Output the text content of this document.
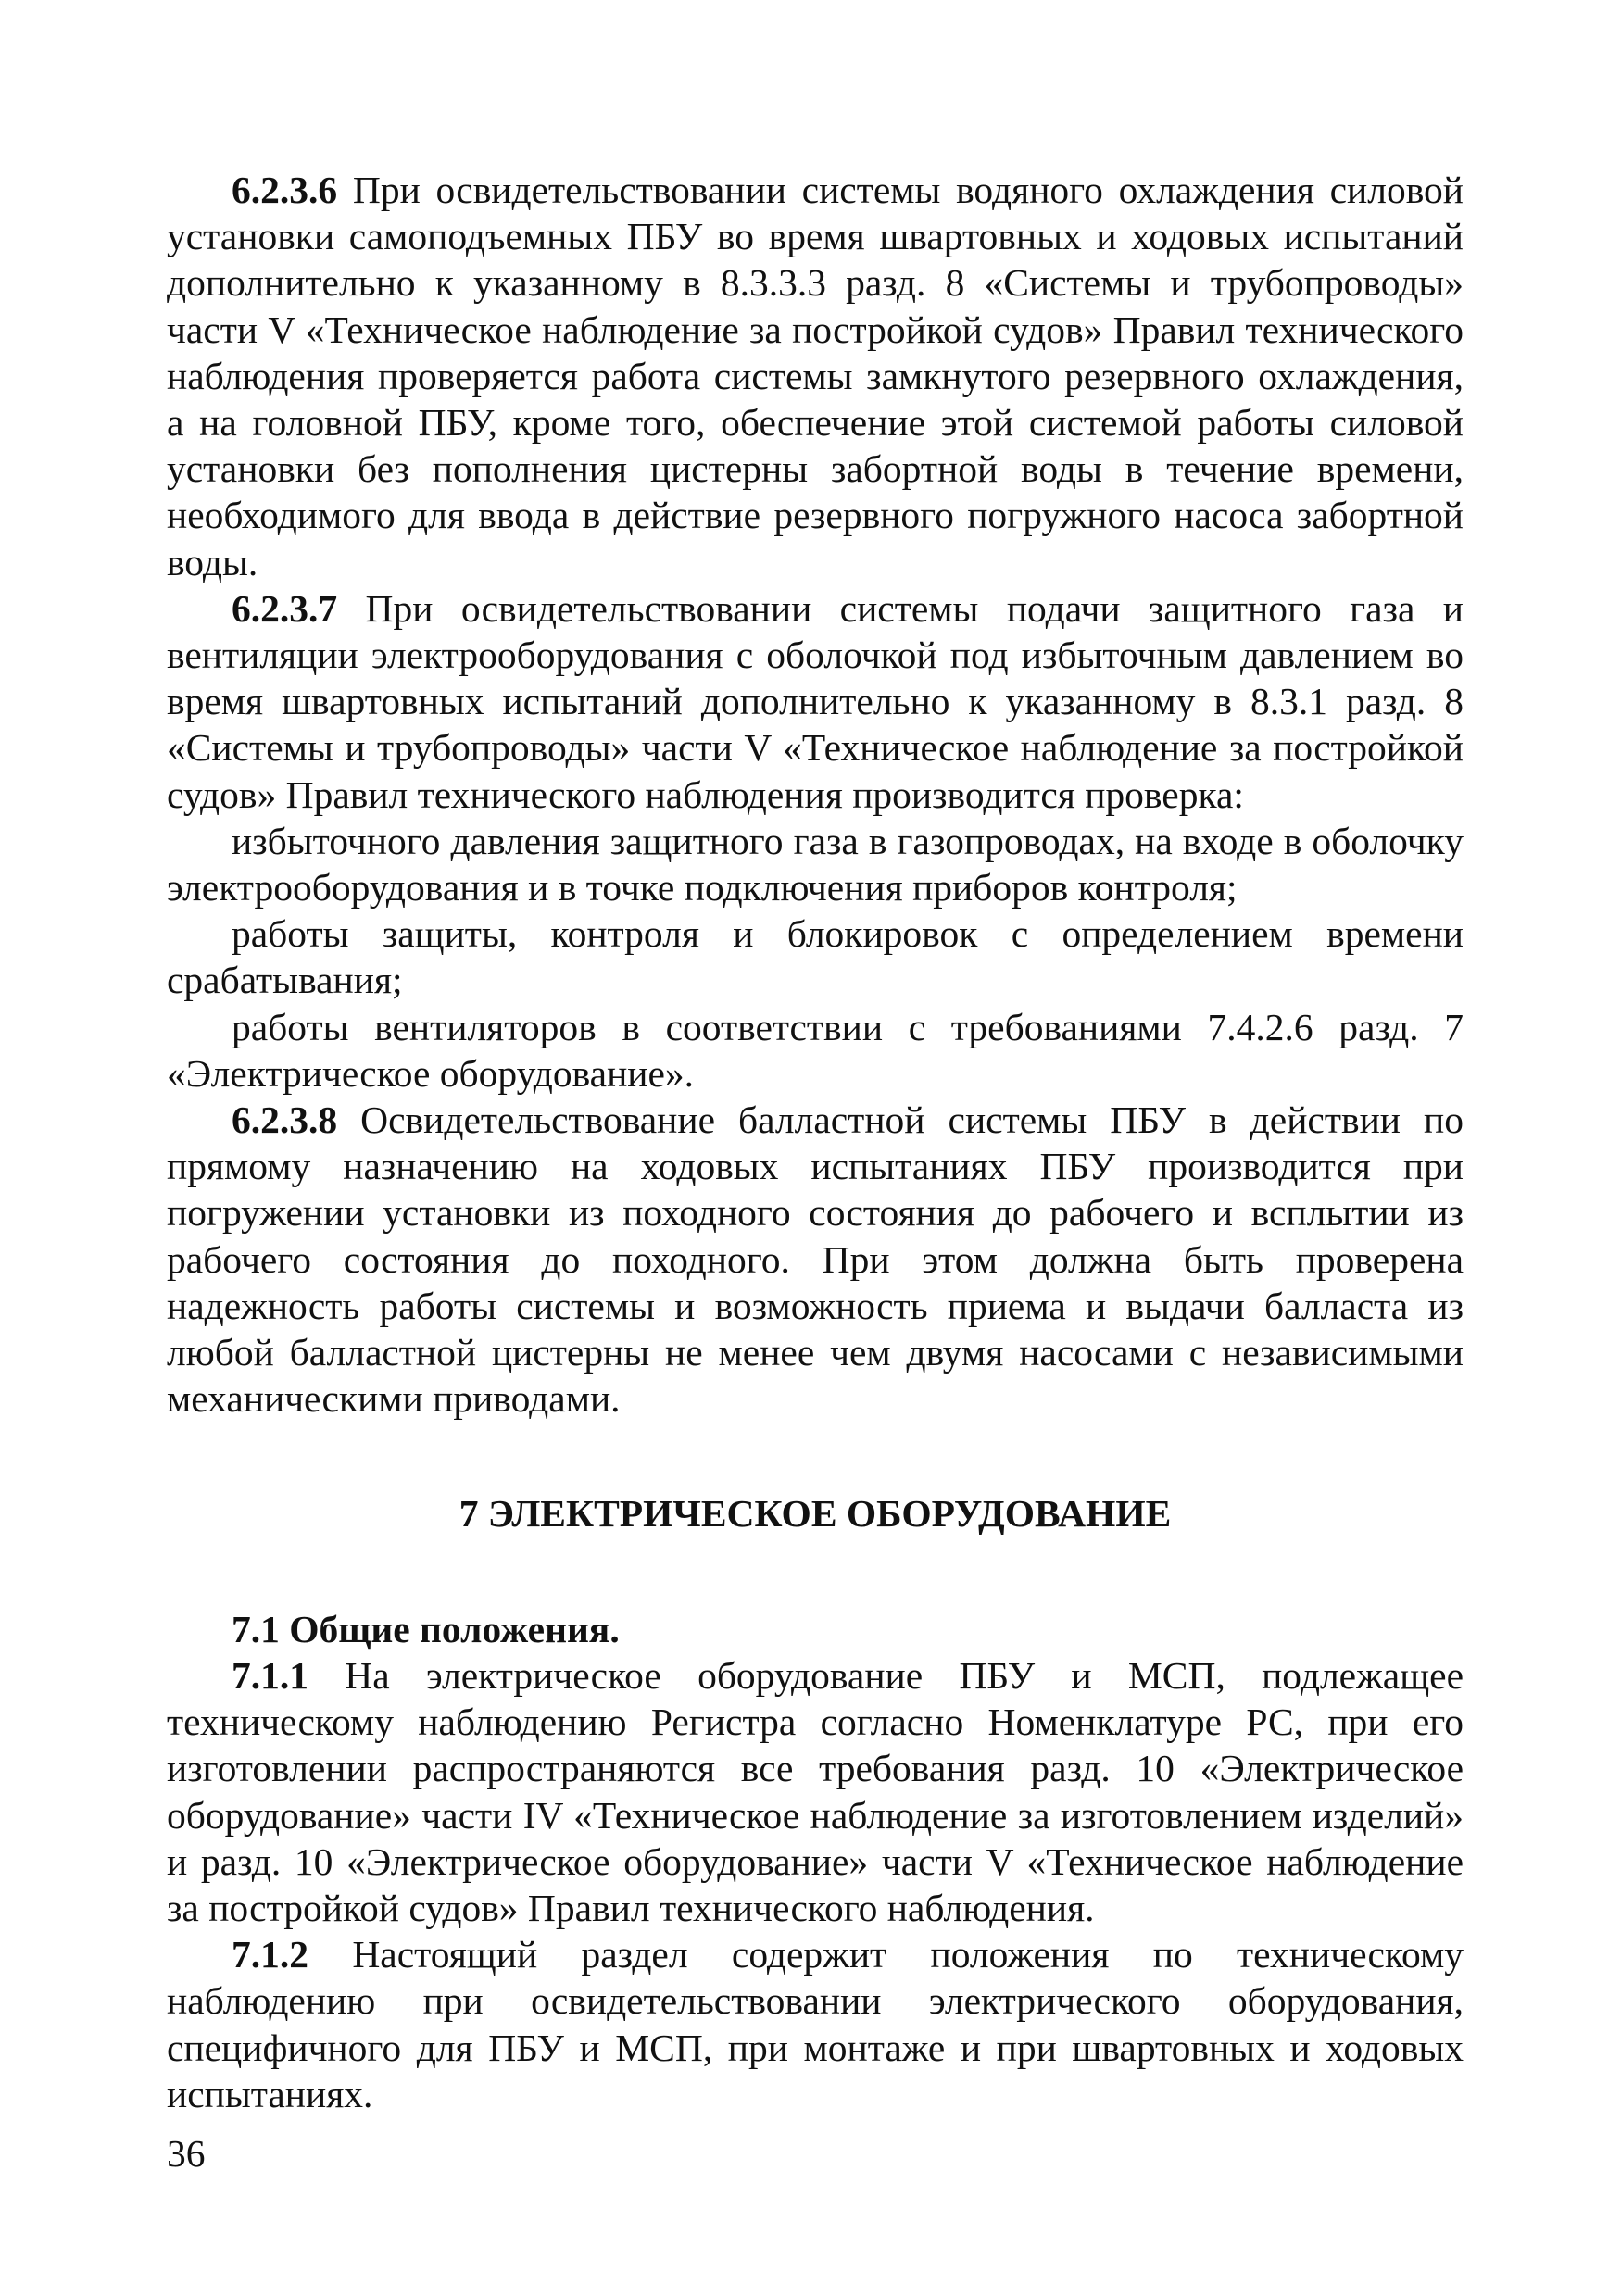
6.2.3.6 При освидетельствовании системы водяного охлаждения силовой установки самоподъемных ПБУ во время швартовных и ходовых испытаний дополнительно к указанному в 8.3.3.3 разд. 8 «Системы и трубопроводы» части V «Техническое наблюдение за постройкой судов» Правил технического наблюдения проверяется работа системы замкнутого резервного охлаждения, а на головной ПБУ, кроме того, обеспечение этой системой работы силовой установки без пополнения цистерны забортной воды в течение времени, необходимого для ввода в действие резервного погружного насоса забортной воды.

6.2.3.7 При освидетельствовании системы подачи защитного газа и вентиляции электрооборудования с оболочкой под избыточным давлением во время швартовных испытаний дополнительно к указанному в 8.3.1 разд. 8 «Системы и трубопроводы» части V «Техническое наблюдение за постройкой судов» Правил технического наблюдения производится проверка:

избыточного давления защитного газа в газопроводах, на входе в оболочку электрооборудования и в точке подключения приборов контроля;

работы защиты, контроля и блокировок с определением времени срабатывания;

работы вентиляторов в соответствии с требованиями 7.4.2.6 разд. 7 «Электрическое оборудование».

6.2.3.8 Освидетельствование балластной системы ПБУ в действии по прямому назначению на ходовых испытаниях ПБУ производится при погружении установки из походного состояния до рабочего и всплытии из рабочего состояния до походного. При этом должна быть проверена надежность работы системы и возможность приема и выдачи балласта из любой балластной цистерны не менее чем двумя насосами с независимыми механическими приводами.

7 ЭЛЕКТРИЧЕСКОЕ ОБОРУДОВАНИЕ
7.1 Общие положения.

7.1.1 На электрическое оборудование ПБУ и МСП, подлежащее техническому наблюдению Регистра согласно Номенклатуре РС, при его изготовлении распространяются все требования разд. 10 «Электрическое оборудование» части IV «Техническое наблюдение за изготовлением изделий» и разд. 10 «Электрическое оборудование» части V «Техническое наблюдение за постройкой судов» Правил технического наблюдения.

7.1.2 Настоящий раздел содержит положения по техническому наблюдению при освидетельствовании электрического оборудования, специфичного для ПБУ и МСП, при монтаже и при швартовных и ходовых испытаниях.

36
